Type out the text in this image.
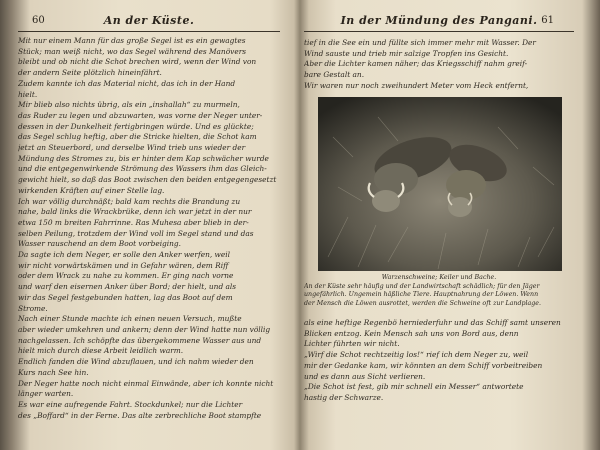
60	An der Küste.
Mit nur einem Mann für das große Segel ist es ein gewagtes
Stück; man weiß nicht, wo das Segel während des Manövers
bleibt und ob nicht die Schot brechen wird, wenn der Wind von
der andern Seite plötzlich hineinfährt.
Zudem kannte ich das Material nicht, das ich in der Hand
hielt.
Mir blieb also nichts übrig, als ein „inshallah“ zu murmeln,
das Ruder zu legen und abzuwarten, was vorne der Neger unter-
dessen in der Dunkelheit fertigbringen würde. Und es glückte;
das Segel schlug heftig, aber die Stricke hielten, die Schot kam
jetzt an Steuerbord, und derselbe Wind trieb uns wieder der
Mündung des Stromes zu, bis er hinter dem Kap schwächer wurde
und die entgegenwirkende Strömung des Wassers ihm das Gleich-
gewicht hielt, so daß das Boot zwischen den beiden entgegengesetzt
wirkenden Kräften auf einer Stelle lag.
Ich war völlig durchnäßt; bald kam rechts die Brandung zu
nahe, bald links die Wrackbrüke, denn ich war jetzt in der nur
etwa 150 m breiten Fahrrinne. Ras Muhesa aber blieb in der-
selben Peilung, trotzdem der Wind voll im Segel stand und das
Wasser rauschend an dem Boot vorbeiging.
Da sagte ich dem Neger, er solle den Anker werfen, weil
wir nicht vorwärtskämen und in Gefahr wären, dem Riff
oder dem Wrack zu nahe zu kommen. Er ging nach vorne
und warf den eisernen Anker über Bord; der hielt, und als
wir das Segel festgebunden hatten, lag das Boot auf dem
Strome.
Nach einer Stunde machte ich einen neuen Versuch, mußte
aber wieder umkehren und ankern; denn der Wind hatte nun völlig
nachgelassen. Ich schöpfte das übergekommene Wasser aus und
hielt mich durch diese Arbeit leidlich warm.
Endlich fanden die Wind abzuflauen, und ich nahm wieder den
Kurs nach See hin.
Der Neger hatte noch nicht einmal Einwände, aber ich konnte nicht
länger warten.
Es war eine aufregende Fahrt. Stockdunkel; nur die Lichter
des „Boffard“ in der Ferne. Das alte zerbrechliche Boot stampfte
In der Mündung des Pangani. 61
tief in die See ein und füllte sich immer mehr mit Wasser. Der
Wind sauste und trieb mir salzige Tropfen ins Gesicht.
Aber die Lichter kamen näher; das Kriegsschiff nahm greif-
bare Gestalt an.
Wir waren nur noch zweihundert Meter vom Heck entfernt,
Warzenschweine; Keiler und Bache.
An der Küste sehr häufig und der Landwirtschaft schädlich; für den Jäger
ungefährlich. Ungemein häßliche Tiere. Hauptnahrung der Löwen. Wenn
der Mensch die Löwen ausrottet, werden die Schweine oft zur Landplage.
als eine heftige Regenbö herniederfuhr und das Schiff samt unseren
Blicken entzog. Kein Mensch sah uns von Bord aus, denn
Lichter führten wir nicht.
„Wirf die Schot rechtzeitig los!“ rief ich dem Neger zu, weil
mir der Gedanke kam, wir könnten an dem Schiff vorbeitreiben
und es dann aus Sicht verlieren.
„Die Schot ist fest, gib mir schnell ein Messer“ antwortete
hastig der Schwarze.
